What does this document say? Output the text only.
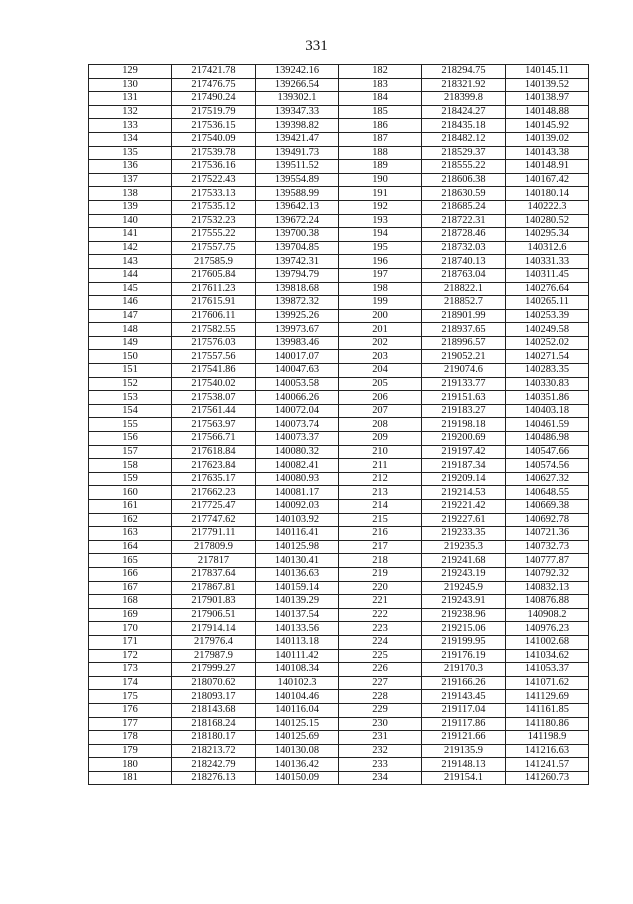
331
129	217421.78	139242.16	182	218294.75	140145.11
130	217476.75	139266.54	183	218321.92	140139.52
131	217490.24	139302.1	184	218399.8	140138.97
132	217519.79	139347.33	185	218424.27	140148.88
133	217536.15	139398.82	186	218435.18	140145.92
134	217540.09	139421.47	187	218482.12	140139.02
135	217539.78	139491.73	188	218529.37	140143.38
136	217536.16	139511.52	189	218555.22	140148.91
137	217522.43	139554.89	190	218606.38	140167.42
138	217533.13	139588.99	191	218630.59	140180.14
139	217535.12	139642.13	192	218685.24	140222.3
140	217532.23	139672.24	193	218722.31	140280.52
141	217555.22	139700.38	194	218728.46	140295.34
142	217557.75	139704.85	195	218732.03	140312.6
143	217585.9	139742.31	196	218740.13	140331.33
144	217605.84	139794.79	197	218763.04	140311.45
145	217611.23	139818.68	198	218822.1	140276.64
146	217615.91	139872.32	199	218852.7	140265.11
147	217606.11	139925.26	200	218901.99	140253.39
148	217582.55	139973.67	201	218937.65	140249.58
149	217576.03	139983.46	202	218996.57	140252.02
150	217557.56	140017.07	203	219052.21	140271.54
151	217541.86	140047.63	204	219074.6	140283.35
152	217540.02	140053.58	205	219133.77	140330.83
153	217538.07	140066.26	206	219151.63	140351.86
154	217561.44	140072.04	207	219183.27	140403.18
155	217563.97	140073.74	208	219198.18	140461.59
156	217566.71	140073.37	209	219200.69	140486.98
157	217618.84	140080.32	210	219197.42	140547.66
158	217623.84	140082.41	211	219187.34	140574.56
159	217635.17	140080.93	212	219209.14	140627.32
160	217662.23	140081.17	213	219214.53	140648.55
161	217725.47	140092.03	214	219221.42	140669.38
162	217747.62	140103.92	215	219227.61	140692.78
163	217791.11	140116.41	216	219233.35	140721.36
164	217809.9	140125.98	217	219235.3	140732.73
165	217817	140130.41	218	219241.68	140777.87
166	217837.64	140136.63	219	219243.19	140792.32
167	217867.81	140159.14	220	219245.9	140832.13
168	217901.83	140139.29	221	219243.91	140876.88
169	217906.51	140137.54	222	219238.96	140908.2
170	217914.14	140133.56	223	219215.06	140976.23
171	217976.4	140113.18	224	219199.95	141002.68
172	217987.9	140111.42	225	219176.19	141034.62
173	217999.27	140108.34	226	219170.3	141053.37
174	218070.62	140102.3	227	219166.26	141071.62
175	218093.17	140104.46	228	219143.45	141129.69
176	218143.68	140116.04	229	219117.04	141161.85
177	218168.24	140125.15	230	219117.86	141180.86
178	218180.17	140125.69	231	219121.66	141198.9
179	218213.72	140130.08	232	219135.9	141216.63
180	218242.79	140136.42	233	219148.13	141241.57
181	218276.13	140150.09	234	219154.1	141260.73
